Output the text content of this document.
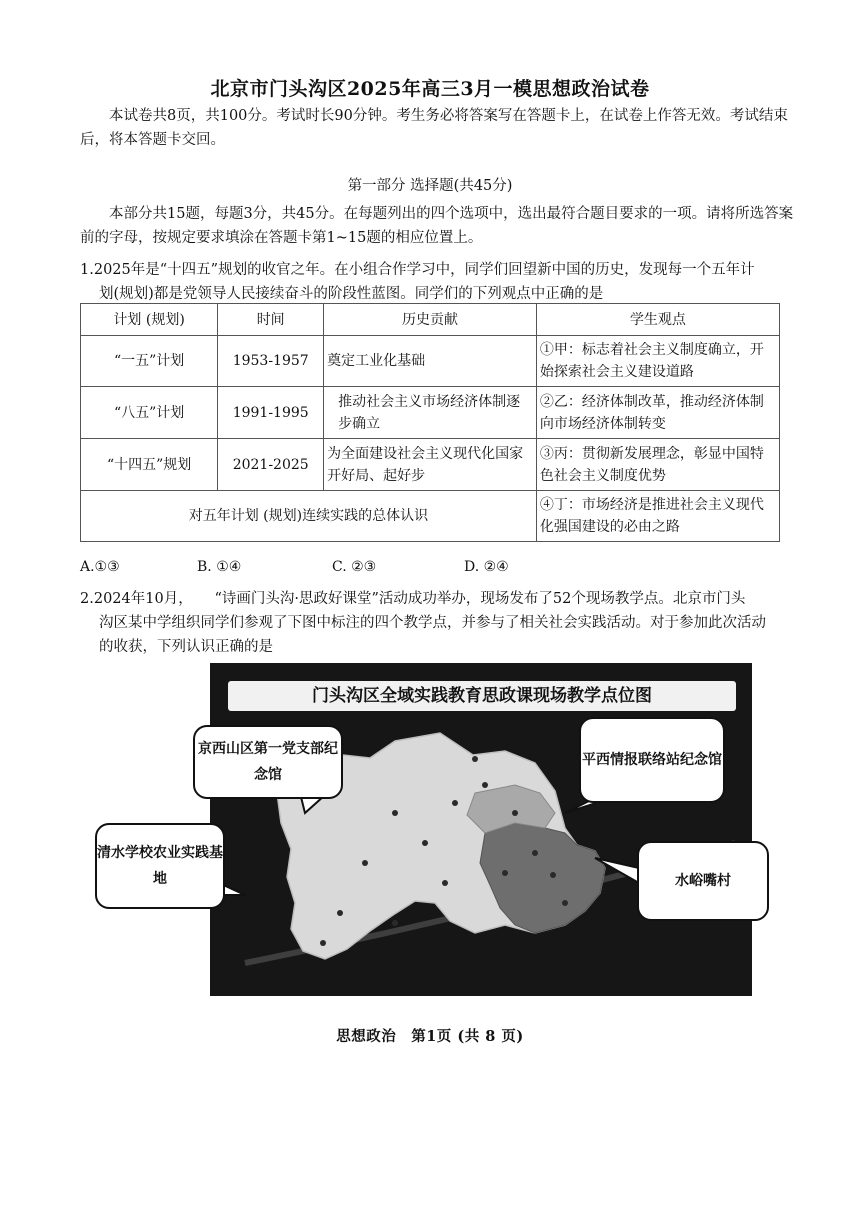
北京市门头沟区2025年高三3月一模思想政治试卷
本试卷共8页，共100分。考试时长90分钟。考生务必将答案写在答题卡上，在试卷上作答无效。考试结束后，将本答题卡交回。
第一部分 选择题(共45分)
本部分共15题，每题3分，共45分。在每题列出的四个选项中，选出最符合题目要求的一项。请将所选答案前的字母，按规定要求填涂在答题卡第1~15题的相应位置上。
1.2025年是“十四五”规划的收官之年。在小组合作学习中，同学们回望新中国的历史，发现每一个五年计
划(规划)都是党领导人民接续奋斗的阶段性蓝图。同学们的下列观点中正确的是
计划 (规划)	时间	历史贡献	学生观点
“一五”计划	1953-1957	奠定工业化基础	①甲：标志着社会主义制度确立，开始探索社会主义建设道路
“八五”计划	1991-1995	推动社会主义市场经济体制逐步确立	②乙：经济体制改革，推动经济体制向市场经济体制转变
“十四五”规划	2021-2025	为全面建设社会主义现代化国家开好局、起好步	③丙：贯彻新发展理念，彰显中国特色社会主义制度优势
对五年计划 (规划)连续实践的总体认识			④丁：市场经济是推进社会主义现代化强国建设的必由之路
A.①③	B. ①④	C. ②③	D. ②④
2.2024年10月，　　“诗画门头沟·思政好课堂”活动成功举办，现场发布了52个现场教学点。北京市门头
沟区某中学组织同学们参观了下图中标注的四个教学点，并参与了相关社会实践活动。对于参加此次活动
的收获，下列认识正确的是
门头沟区全域实践教育思政课现场教学点位图
京西山区第一党支部纪念馆
平西情报联络站纪念馆
清水学校农业实践基地	水峪嘴村
思想政治　第1页 (共 8 页)
